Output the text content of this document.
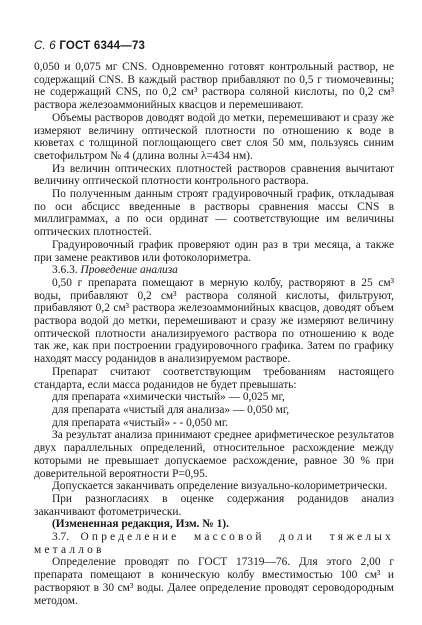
С. 6 ГОСТ 6344—73

0,050 и 0,075 мг CNS. Одновременно готовят контрольный раствор, не содержащий CNS. В каждый раствор прибавляют по 0,5 г тиомочевины; не содержащий CNS, по 0,2 см³ раствора соляной кислоты, по 0,2 см³ раствора железоаммонийных квасцов и перемешивают.

Объемы растворов доводят водой до метки, перемешивают и сразу же измеряют величину оптической плотности по отношению к воде в кюветах с толщиной поглощающего свет слоя 50 мм, пользуясь синим светофильтром № 4 (длина волны λ=434 нм).

Из величин оптических плотностей растворов сравнения вычитают величину оптической плотности контрольного раствора.

По полученным данным строят градуировочный график, откладывая по оси абсцисс введенные в растворы сравнения массы CNS в миллиграммах, а по оси ординат — соответствующие им величины оптических плотностей.

Градуировочный график проверяют один раз в три месяца, а также при замене реактивов или фотоколориметра.

3.6.3. Проведение анализа

0,50 г препарата помещают в мерную колбу, растворяют в 25 см³ воды, прибавляют 0,2 см³ раствора соляной кислоты, фильтруют, прибавляют 0,2 см³ раствора железоаммонийных квасцов, доводят объем раствора водой до метки, перемешивают и сразу же измеряют величину оптической плотности анализируемого раствора по отношению к воде так же, как при построении градуировочного графика. Затем по графику находят массу роданидов в анализируемом растворе.

Препарат считают соответствующим требованиям настоящего стандарта, если масса роданидов не будет превышать:

для препарата «химически чистый» — 0,025 мг,

для препарата «чистый для анализа» — 0,050 мг,

для препарата «чистый» - - 0,050 мг.

За результат анализа принимают среднее арифметическое результатов двух параллельных определений, относительное расхождение между которыми не превышает допускаемое расхождение, равное 30 % при доверительной вероятности P=0,95.

Допускается заканчивать определение визуально-колориметрически.

При разногласиях в оценке содержания роданидов анализ заканчивают фотометрически.

(Измененная редакция, Изм. № 1).

3.7. Определение массовой доли тяжелых металлов

Определение проводят по ГОСТ 17319—76. Для этого 2,00 г препарата помещают в коническую колбу вместимостью 100 см³ и растворяют в 30 см³ воды. Далее определение проводят сероводородным методом.
